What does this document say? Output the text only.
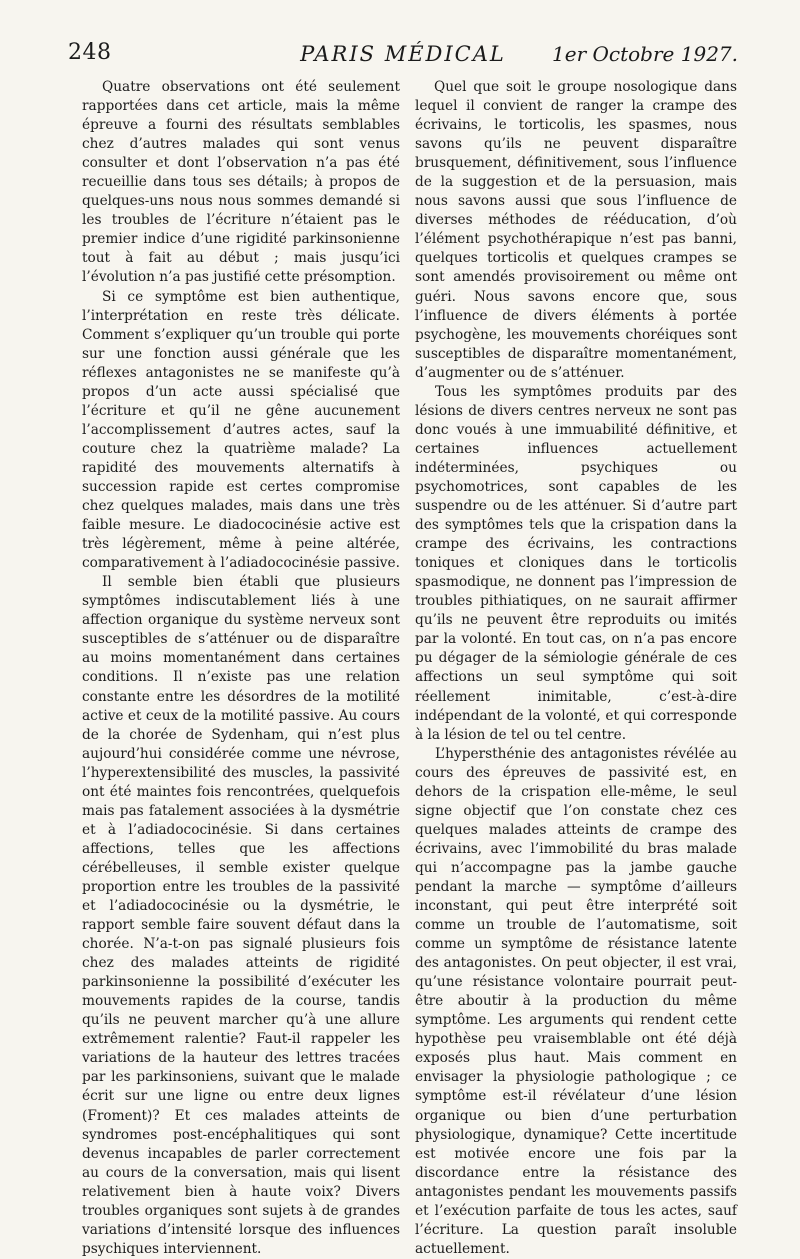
248	PARIS MÉDICAL	1er Octobre 1927.

Quatre observations ont été seulement rapportées dans cet article, mais la même épreuve a fourni des résultats semblables chez d’autres malades qui sont venus consulter et dont l’observation n’a pas été recueillie dans tous ses détails; à propos de quelques-uns nous nous sommes demandé si les troubles de l’écriture n’étaient pas le premier indice d’une rigidité parkinsonienne tout à fait au début ; mais jusqu’ici l’évolution n’a pas justifié cette présomption.

Si ce symptôme est bien authentique, l’interprétation en reste très délicate. Comment s’expliquer qu’un trouble qui porte sur une fonction aussi générale que les réflexes antagonistes ne se manifeste qu’à propos d’un acte aussi spécialisé que l’écriture et qu’il ne gêne aucunement l’accomplissement d’autres actes, sauf la couture chez la quatrième malade? La rapidité des mouvements alternatifs à succession rapide est certes compromise chez quelques malades, mais dans une très faible mesure. Le diadococinésie active est très légèrement, même à peine altérée, comparativement à l’adiadococinésie passive.

Il semble bien établi que plusieurs symptômes indiscutablement liés à une affection organique du système nerveux sont susceptibles de s’atténuer ou de disparaître au moins momentanément dans certaines conditions. Il n’existe pas une relation constante entre les désordres de la motilité active et ceux de la motilité passive. Au cours de la chorée de Sydenham, qui n’est plus aujourd’hui considérée comme une névrose, l’hyperextensibilité des muscles, la passivité ont été maintes fois rencontrées, quelquefois mais pas fatalement associées à la dysmétrie et à l’adiadococinésie. Si dans certaines affections, telles que les affections cérébelleuses, il semble exister quelque proportion entre les troubles de la passivité et l’adiadococinésie ou la dysmétrie, le rapport semble faire souvent défaut dans la chorée. N’a-t-on pas signalé plusieurs fois chez des malades atteints de rigidité parkinsonienne la possibilité d’exécuter les mouvements rapides de la course, tandis qu’ils ne peuvent marcher qu’à une allure extrêmement ralentie? Faut-il rappeler les variations de la hauteur des lettres tracées par les parkinsoniens, suivant que le malade écrit sur une ligne ou entre deux lignes (Froment)? Et ces malades atteints de syndromes post-encéphalitiques qui sont devenus incapables de parler correctement au cours de la conversation, mais qui lisent relativement bien à haute voix? Divers troubles organiques sont sujets à de grandes variations d’intensité lorsque des influences psychiques interviennent.

Quel que soit le groupe nosologique dans lequel il convient de ranger la crampe des écrivains, le torticolis, les spasmes, nous savons qu’ils ne peuvent disparaître brusquement, définitivement, sous l’influence de la suggestion et de la persuasion, mais nous savons aussi que sous l’influence de diverses méthodes de rééducation, d’où l’élément psychothérapique n’est pas banni, quelques torticolis et quelques crampes se sont amendés provisoirement ou même ont guéri. Nous savons encore que, sous l’influence de divers éléments à portée psychogène, les mouvements choréiques sont susceptibles de disparaître momentanément, d’augmenter ou de s’atténuer.

Tous les symptômes produits par des lésions de divers centres nerveux ne sont pas donc voués à une immuabilité définitive, et certaines influences actuellement indéterminées, psychiques ou psychomotrices, sont capables de les suspendre ou de les atténuer. Si d’autre part des symptômes tels que la crispation dans la crampe des écrivains, les contractions toniques et cloniques dans le torticolis spasmodique, ne donnent pas l’impression de troubles pithiatiques, on ne saurait affirmer qu’ils ne peuvent être reproduits ou imités par la volonté. En tout cas, on n’a pas encore pu dégager de la sémiologie générale de ces affections un seul symptôme qui soit réellement inimitable, c’est-à-dire indépendant de la volonté, et qui corresponde à la lésion de tel ou tel centre.

L’hypersthénie des antagonistes révélée au cours des épreuves de passivité est, en dehors de la crispation elle-même, le seul signe objectif que l’on constate chez ces quelques malades atteints de crampe des écrivains, avec l’immobilité du bras malade qui n’accompagne pas la jambe gauche pendant la marche — symptôme d’ailleurs inconstant, qui peut être interprété soit comme un trouble de l’automatisme, soit comme un symptôme de résistance latente des antagonistes. On peut objecter, il est vrai, qu’une résistance volontaire pourrait peut-être aboutir à la production du même symptôme. Les arguments qui rendent cette hypothèse peu vraisemblable ont été déjà exposés plus haut. Mais comment en envisager la physiologie pathologique ; ce symptôme est-il révélateur d’une lésion organique ou bien d’une perturbation physiologique, dynamique? Cette incertitude est motivée encore une fois par la discordance entre la résistance des antagonistes pendant les mouvements passifs et l’exécution parfaite de tous les actes, sauf l’écriture. La question paraît insoluble actuellement.
